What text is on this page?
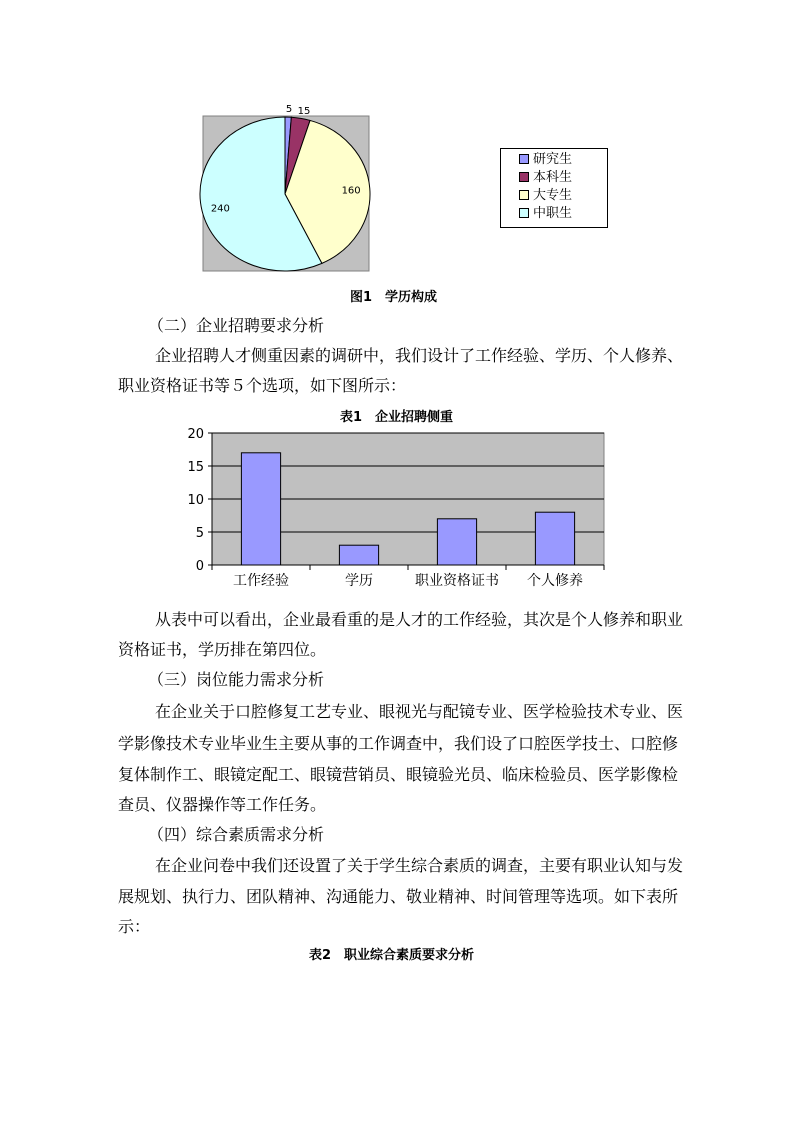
5 15
160
240
研究生
本科生
大专生
中职生
图1　学历构成
（二）企业招聘要求分析
企业招聘人才侧重因素的调研中，我们设计了工作经验、学历、个人修养、
职业资格证书等５个选项，如下图所示：
表1　企业招聘侧重
0
5
10
15
20
工作经验	学历	职业资格证书 个人修养
从表中可以看出，企业最看重的是人才的工作经验，其次是个人修养和职业
资格证书，学历排在第四位。
（三）岗位能力需求分析
在企业关于口腔修复工艺专业、眼视光与配镜专业、医学检验技术专业、医
学影像技术专业毕业生主要从事的工作调查中，我们设了口腔医学技士、口腔修
复体制作工、眼镜定配工、眼镜营销员、眼镜验光员、临床检验员、医学影像检
查员、仪器操作等工作任务。
（四）综合素质需求分析
在企业问卷中我们还设置了关于学生综合素质的调查，主要有职业认知与发
展规划、执行力、团队精神、沟通能力、敬业精神、时间管理等选项。如下表所
示：
表2　职业综合素质要求分析
